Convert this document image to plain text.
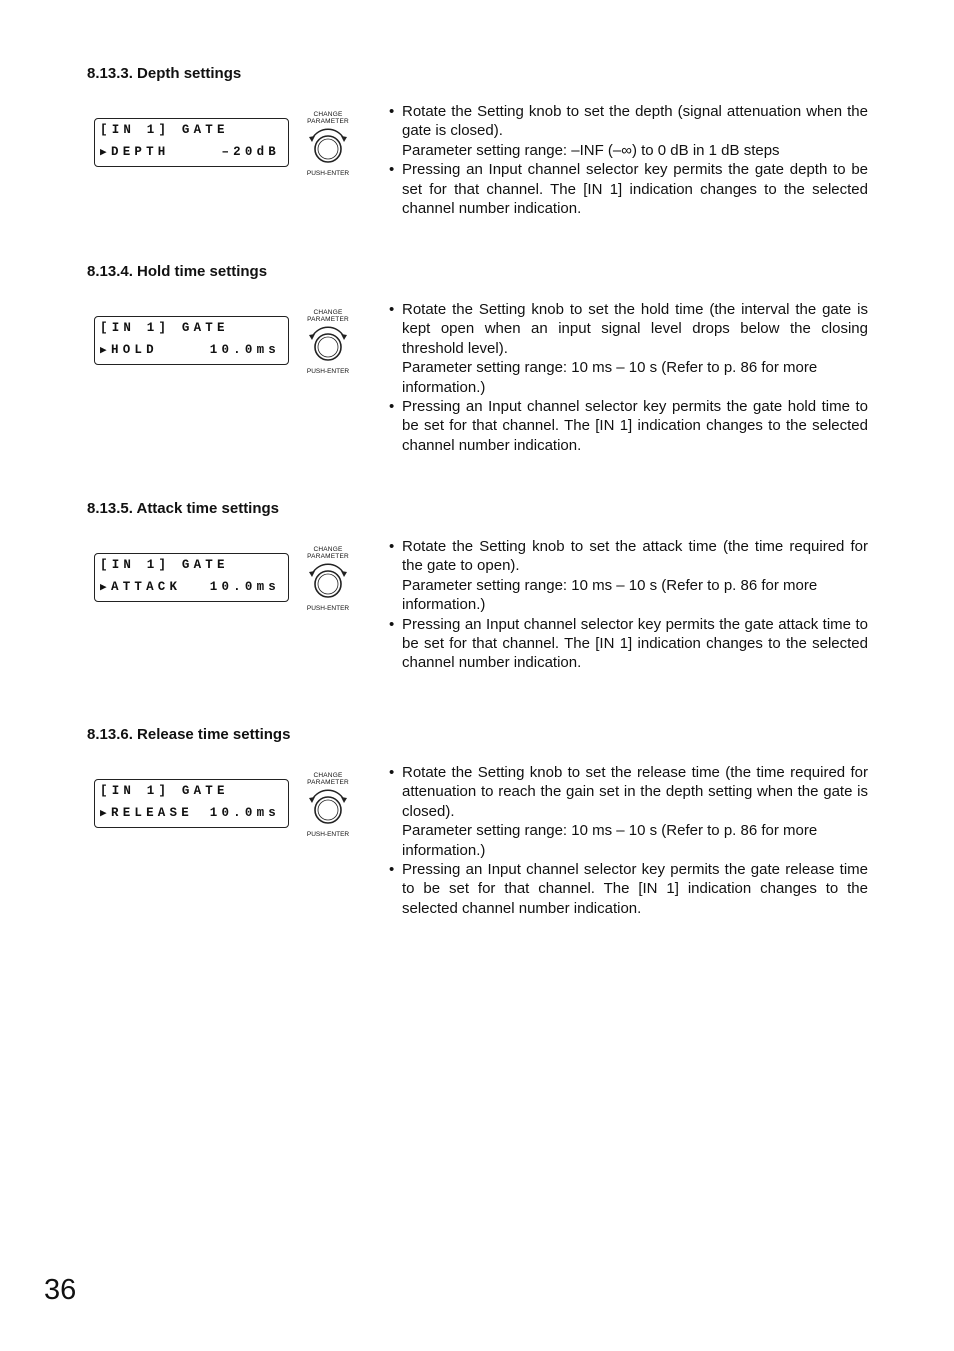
8.13.3. Depth settings
[IN 1] GATE
▶ DEPTH	–20dB
CHANGE
PARAMETER
PUSH-ENTER
• Rotate the Setting knob to set the depth (signal attenuation when the gate is closed).

Parameter setting range: –INF (–∞) to 0 dB in 1 dB steps

• Pressing an Input channel selector key permits the gate depth to be set for that channel. The [IN 1] indication changes to the selected channel number indication.

8.13.4. Hold time settings
[IN 1] GATE
▶ HOLD	10.0ms
CHANGE
PARAMETER
PUSH-ENTER
• Rotate the Setting knob to set the hold time (the interval the gate is kept open when an input signal level drops below the closing threshold level).

Parameter setting range: 10 ms – 10 s (Refer to p. 86 for more

information.)

• Pressing an Input channel selector key permits the gate hold time to be set for that channel. The [IN 1] indication changes to the selected channel number indication.

8.13.5. Attack time settings
[IN 1] GATE
▶ ATTACK 10.0ms
CHANGE
PARAMETER
PUSH-ENTER
• Rotate the Setting knob to set the attack time (the time required for the gate to open).

Parameter setting range: 10 ms – 10 s (Refer to p. 86 for more

information.)

• Pressing an Input channel selector key permits the gate attack time to be set for that channel. The [IN 1] indication changes to the selected channel number indication.

8.13.6. Release time settings
[IN 1] GATE
▶ RELEASE 10.0ms
CHANGE
PARAMETER
PUSH-ENTER
• Rotate the Setting knob to set the release time (the time required for attenuation to reach the gain set in the depth setting when the gate is closed).

Parameter setting range: 10 ms – 10 s (Refer to p. 86 for more

information.)

• Pressing an Input channel selector key permits the gate release time to be set for that channel. The [IN 1] indication changes to the selected channel number indication.

36
